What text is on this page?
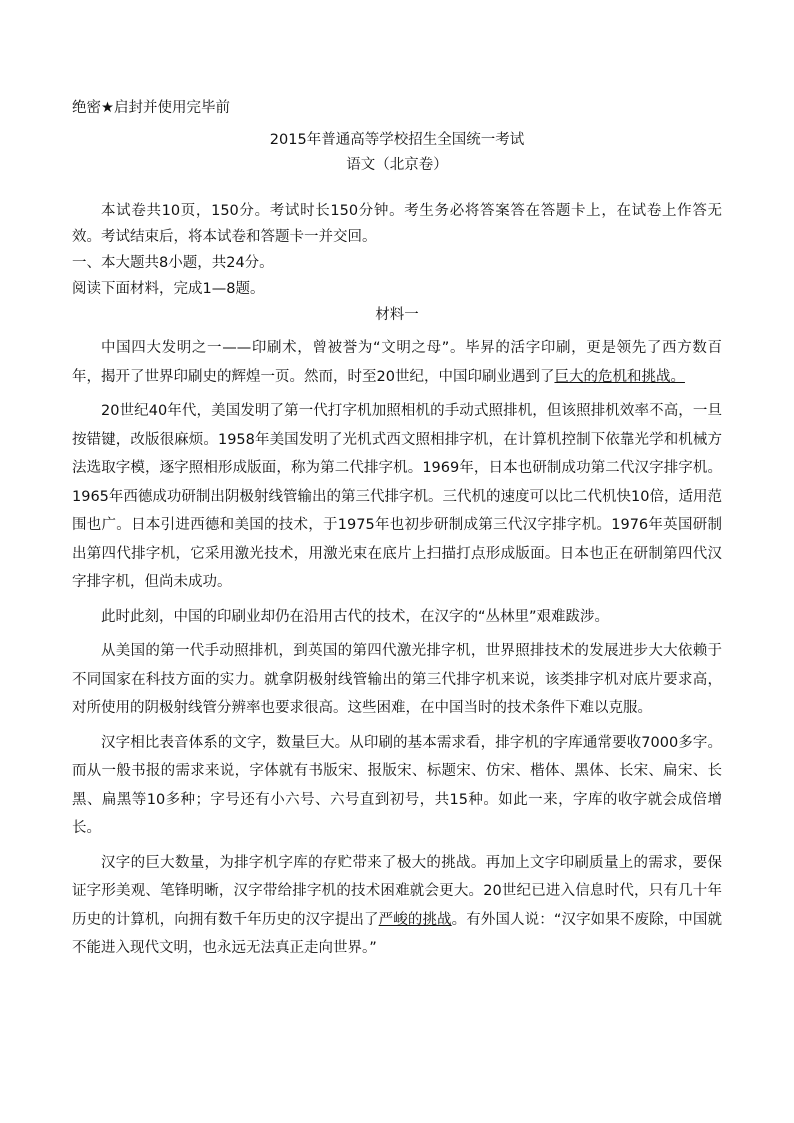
绝密★启封并使用完毕前
2015年普通高等学校招生全国统一考试
语文（北京卷）

本试卷共10页，150分。考试时长150分钟。考生务必将答案答在答题卡上，在试卷上作答无效。考试结束后，将本试卷和答题卡一并交回。

一、本大题共8小题，共24分。

阅读下面材料，完成1—8题。

材料一

中国四大发明之一——印刷术，曾被誉为“文明之母”。毕昇的活字印刷，更是领先了西方数百年，揭开了世界印刷史的辉煌一页。然而，时至20世纪，中国印刷业遇到了巨大的危机和挑战。

20世纪40年代，美国发明了第一代打字机加照相机的手动式照排机，但该照排机效率不高，一旦按错键，改版很麻烦。1958年美国发明了光机式西文照相排字机，在计算机控制下依靠光学和机械方法选取字模，逐字照相形成版面，称为第二代排字机。1969年，日本也研制成功第二代汉字排字机。1965年西德成功研制出阴极射线管输出的第三代排字机。三代机的速度可以比二代机快10倍，适用范围也广。日本引进西德和美国的技术，于1975年也初步研制成第三代汉字排字机。1976年英国研制出第四代排字机，它采用激光技术，用激光束在底片上扫描打点形成版面。日本也正在研制第四代汉字排字机，但尚未成功。

此时此刻，中国的印刷业却仍在沿用古代的技术，在汉字的“丛林里”艰难跋涉。

从美国的第一代手动照排机，到英国的第四代激光排字机，世界照排技术的发展进步大大依赖于不同国家在科技方面的实力。就拿阴极射线管输出的第三代排字机来说，该类排字机对底片要求高，对所使用的阴极射线管分辨率也要求很高。这些困难，在中国当时的技术条件下难以克服。

汉字相比表音体系的文字，数量巨大。从印刷的基本需求看，排字机的字库通常要收7000多字。而从一般书报的需求来说，字体就有书版宋、报版宋、标题宋、仿宋、楷体、黑体、长宋、扁宋、长黑、扁黑等10多种；字号还有小六号、六号直到初号，共15种。如此一来，字库的收字就会成倍增长。

汉字的巨大数量，为排字机字库的存贮带来了极大的挑战。再加上文字印刷质量上的需求，要保证字形美观、笔锋明晰，汉字带给排字机的技术困难就会更大。20世纪已进入信息时代，只有几十年历史的计算机，向拥有数千年历史的汉字提出了严峻的挑战。有外国人说：“汉字如果不废除，中国就不能进入现代文明，也永远无法真正走向世界。”
